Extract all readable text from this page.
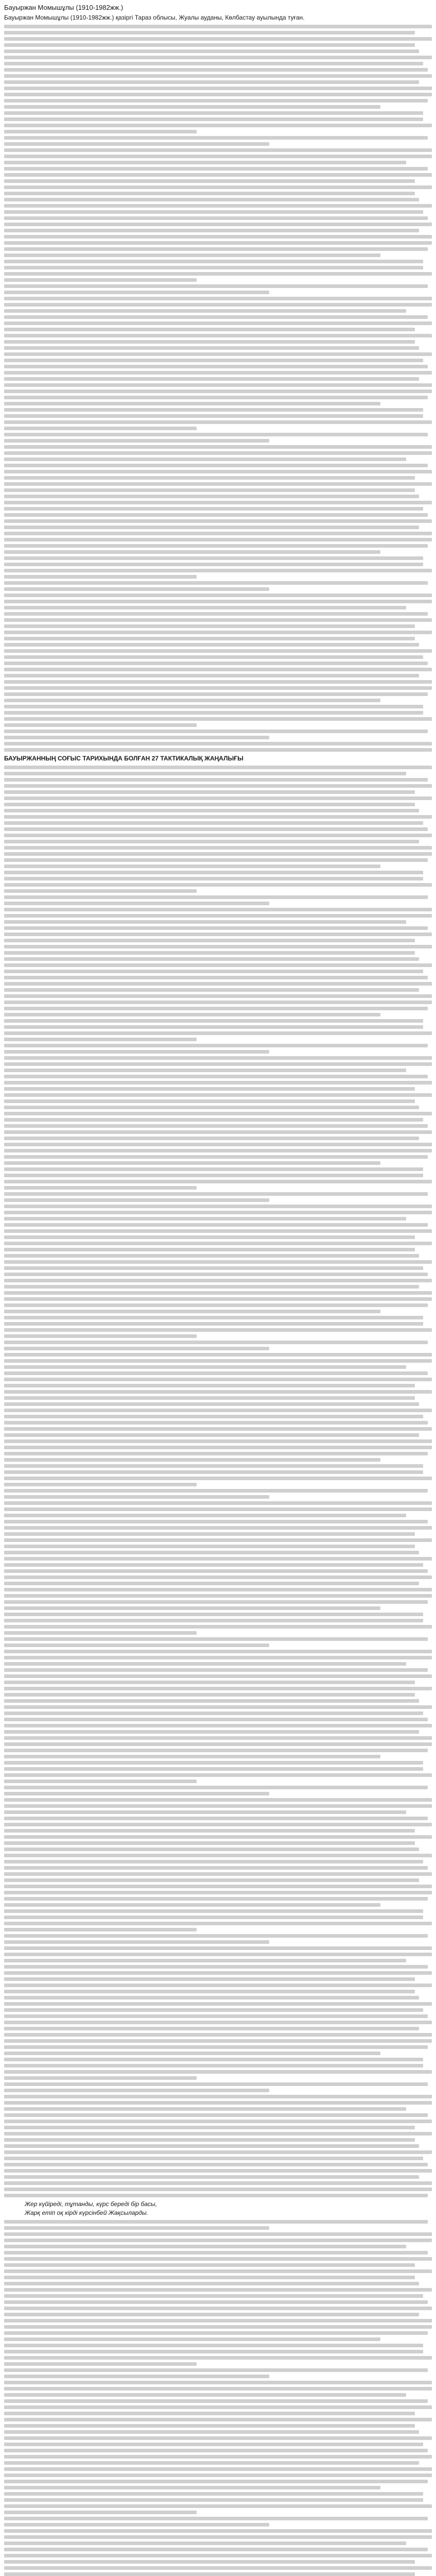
Бауыржан Момышұлы (1910-1982жж.)

Бауыржан Момышұлы (1910-1982жж.) қазіргі Тараз облысы, Жуалы ауданы, Көлбастау ауылында туған.

БАУЫРЖАННЫҢ СОҒЫС ТАРИХЫНДА БОЛҒАН 27 ТАКТИКАЛЫҚ ЖАҢАЛЫҒЫ

Жер күйіреді, тұтанды, күрс береді бір басы,

Жарқ етіп оқ кірді күрсінбей Жақсыларды.
